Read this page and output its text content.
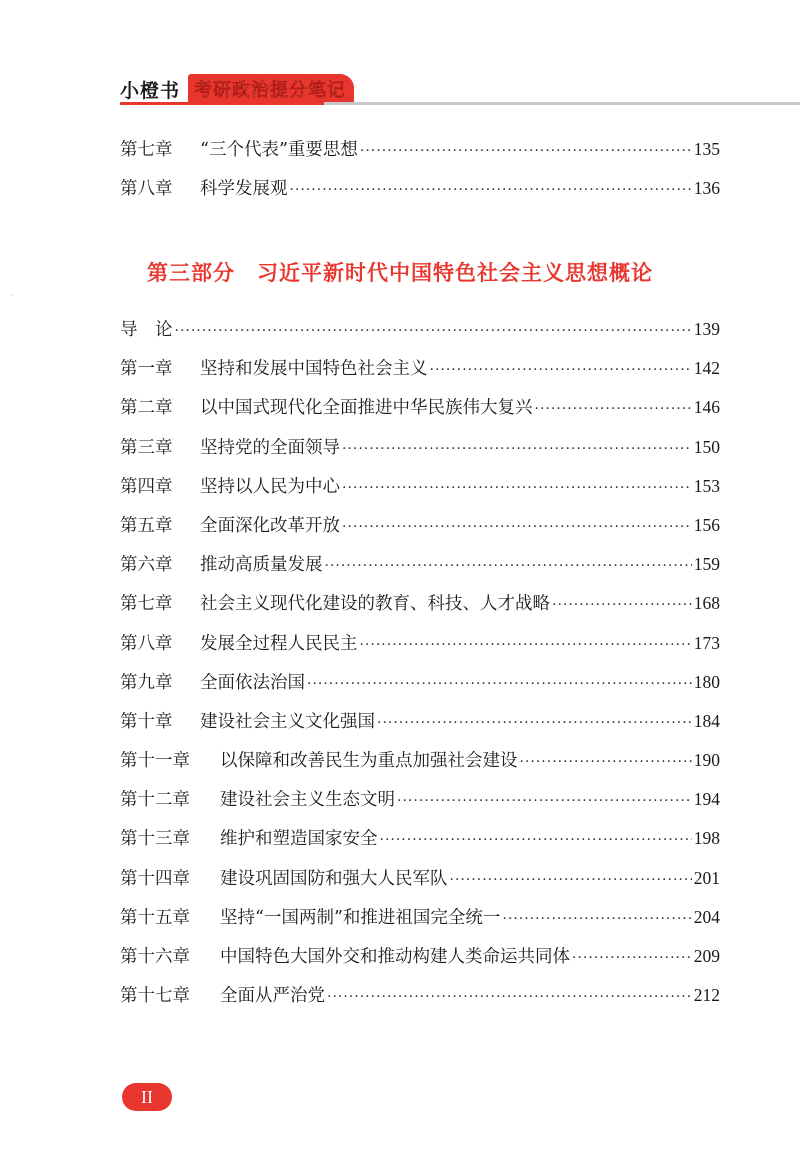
小橙书 考研政治提分笔记
ˋ
第七章	“三个代表”重要思想 ·····	135
第八章	科学发展观 ·····	136
第三部分　习近平新时代中国特色社会主义思想概论
导　论 ·····	139
第一章	坚持和发展中国特色社会主义 ·····	142
第二章	以中国式现代化全面推进中华民族伟大复兴 ·····	146
第三章	坚持党的全面领导 ·····	150
第四章	坚持以人民为中心 ·····	153
第五章	全面深化改革开放 ·····	156
第六章	推动高质量发展 ·····	159
第七章	社会主义现代化建设的教育、科技、人才战略 ·····	168
第八章	发展全过程人民民主 ·····	173
第九章	全面依法治国 ·····	180
第十章	建设社会主义文化强国 ·····	184
第十一章	以保障和改善民生为重点加强社会建设 ·····	190
第十二章	建设社会主义生态文明 ·····	194
第十三章	维护和塑造国家安全 ·····	198
第十四章	建设巩固国防和强大人民军队 ·····	201
第十五章	坚持“一国两制”和推进祖国完全统一 ·····	204
第十六章	中国特色大国外交和推动构建人类命运共同体 ·····	209
第十七章	全面从严治党 ·····	212
II
